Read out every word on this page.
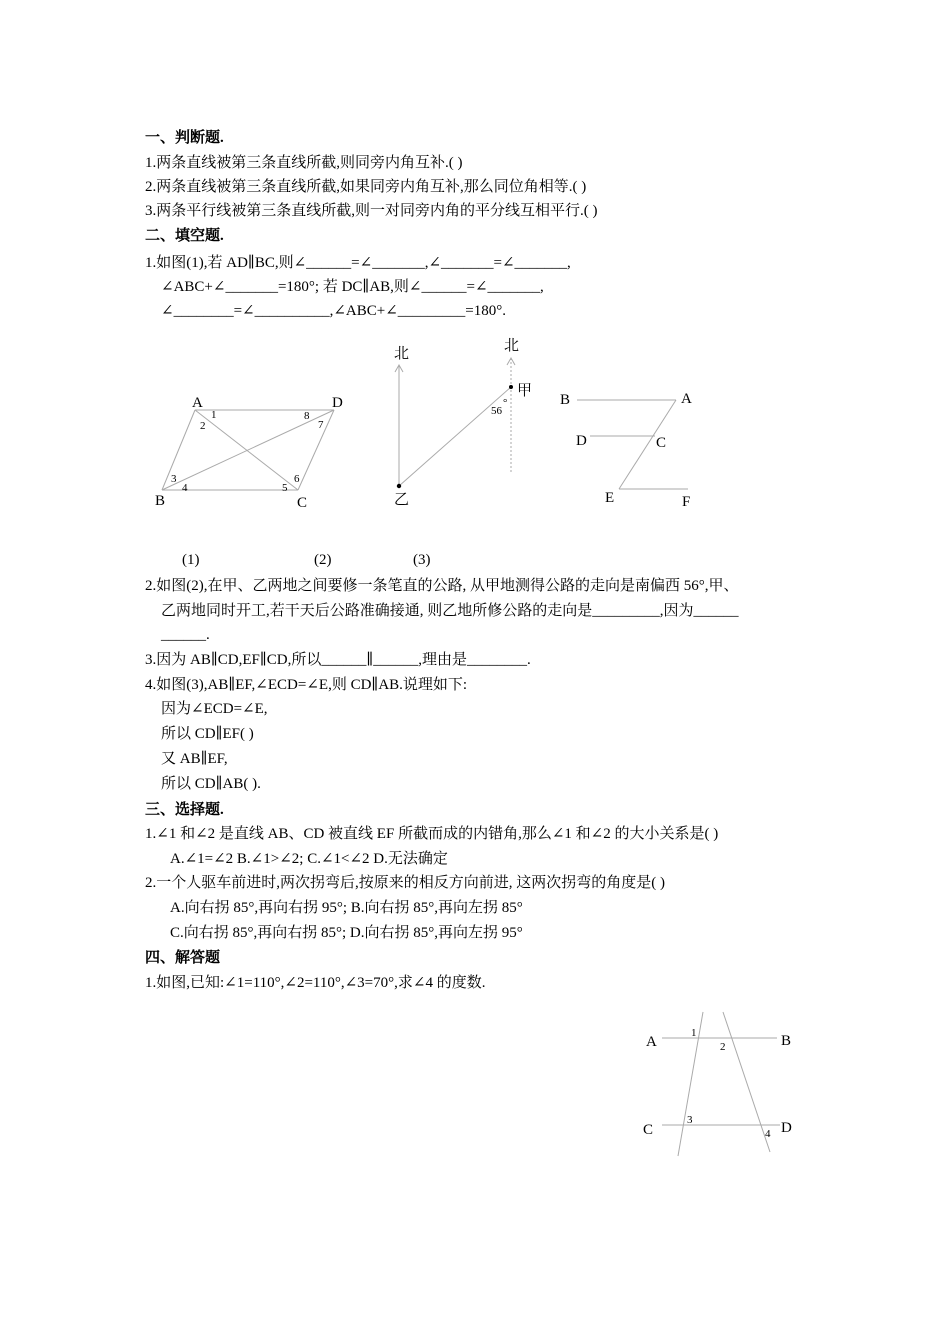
一、判断题.
1.两条直线被第三条直线所截,则同旁内角互补.( )
2.两条直线被第三条直线所截,如果同旁内角互补,那么同位角相等.( )
3.两条平行线被第三条直线所截,则一对同旁内角的平分线互相平行.( )
二、填空题.
1.如图(1),若 AD∥BC,则∠______=∠_______,∠_______=∠_______,
∠ABC+∠_______=180°; 若 DC∥AB,则∠______=∠_______,
∠________=∠__________,∠ABC+∠_________=180°.
A	D
B	C
1
2
3
4	5
6
7
8
北	北
甲
乙
56
°	B	A
D	C
E	F
(1)	(2)	(3)
2.如图(2),在甲、乙两地之间要修一条笔直的公路, 从甲地测得公路的走向是南偏西 56°,甲、
乙两地同时开工,若干天后公路准确接通, 则乙地所修公路的走向是_________,因为______
______.
3.因为 AB∥CD,EF∥CD,所以______∥______,理由是________.
4.如图(3),AB∥EF,∠ECD=∠E,则 CD∥AB.说理如下:
因为∠ECD=∠E,
所以 CD∥EF( )
又 AB∥EF,
所以 CD∥AB( ).
三、选择题.
1.∠1 和∠2 是直线 AB、CD 被直线 EF 所截而成的内错角,那么∠1 和∠2 的大小关系是( )
A.∠1=∠2 B.∠1>∠2; C.∠1<∠2 D.无法确定
2.一个人驱车前进时,两次拐弯后,按原来的相反方向前进, 这两次拐弯的角度是( )
A.向右拐 85°,再向右拐 95°; B.向右拐 85°,再向左拐 85°
C.向右拐 85°,再向右拐 85°; D.向右拐 85°,再向左拐 95°
四、解答题
1.如图,已知:∠1=110°,∠2=110°,∠3=70°,求∠4 的度数.
A	B
C	D
1
2
3
4
